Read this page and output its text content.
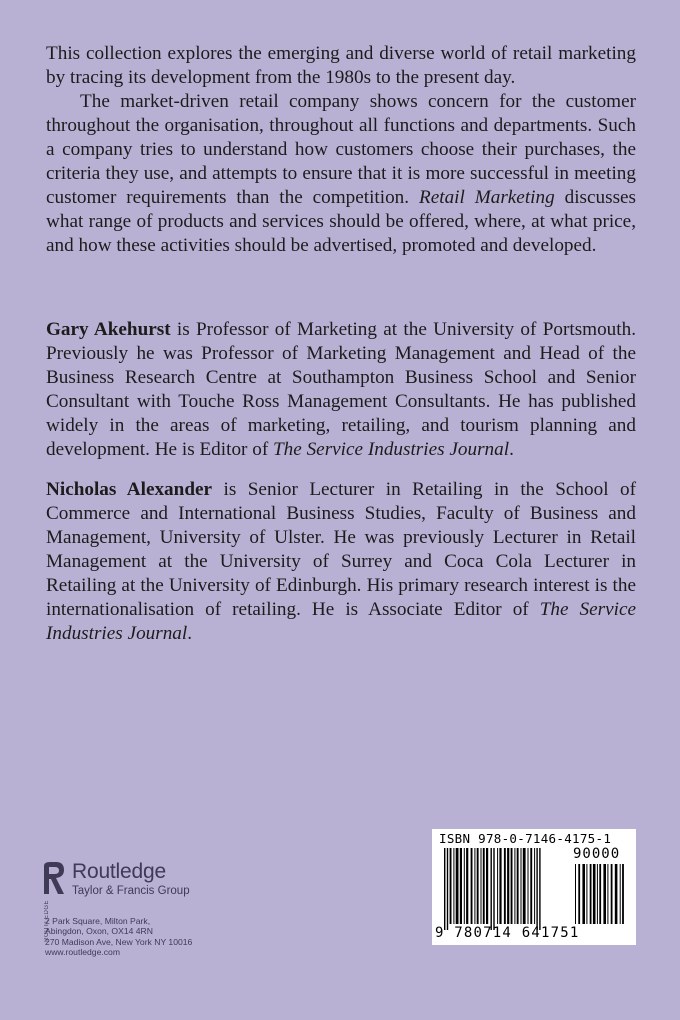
This collection explores the emerging and diverse world of retail marketing by tracing its development from the 1980s to the present day.

The market-driven retail company shows concern for the customer throughout the organisation, throughout all functions and departments. Such a company tries to understand how customers choose their purchases, the criteria they use, and attempts to ensure that it is more successful in meeting customer requirements than the competition. Retail Marketing discusses what range of products and services should be offered, where, at what price, and how these activities should be advertised, promoted and developed.

Gary Akehurst is Professor of Marketing at the University of Portsmouth. Previously he was Professor of Marketing Management and Head of the Business Research Centre at Southampton Business School and Senior Consultant with Touche Ross Management Consultants. He has published widely in the areas of marketing, retailing, and tourism planning and development. He is Editor of The Service Industries Journal.

Nicholas Alexander is Senior Lecturer in Retailing in the School of Commerce and International Business Studies, Faculty of Business and Management, University of Ulster. He was previously Lecturer in Retail Management at the University of Surrey and Coca Cola Lecturer in Retailing at the University of Edinburgh. His primary research interest is the internationalisation of retailing. He is Associate Editor of The Service Industries Journal.

ROUTLEDGE
Routledge
Taylor & Francis Group
2 Park Square, Milton Park,
Abingdon, Oxon, OX14 4RN
270 Madison Ave, New York NY 10016
www.routledge.com
ISBN 978-0-7146-4175-1
90000
9 780714 641751
